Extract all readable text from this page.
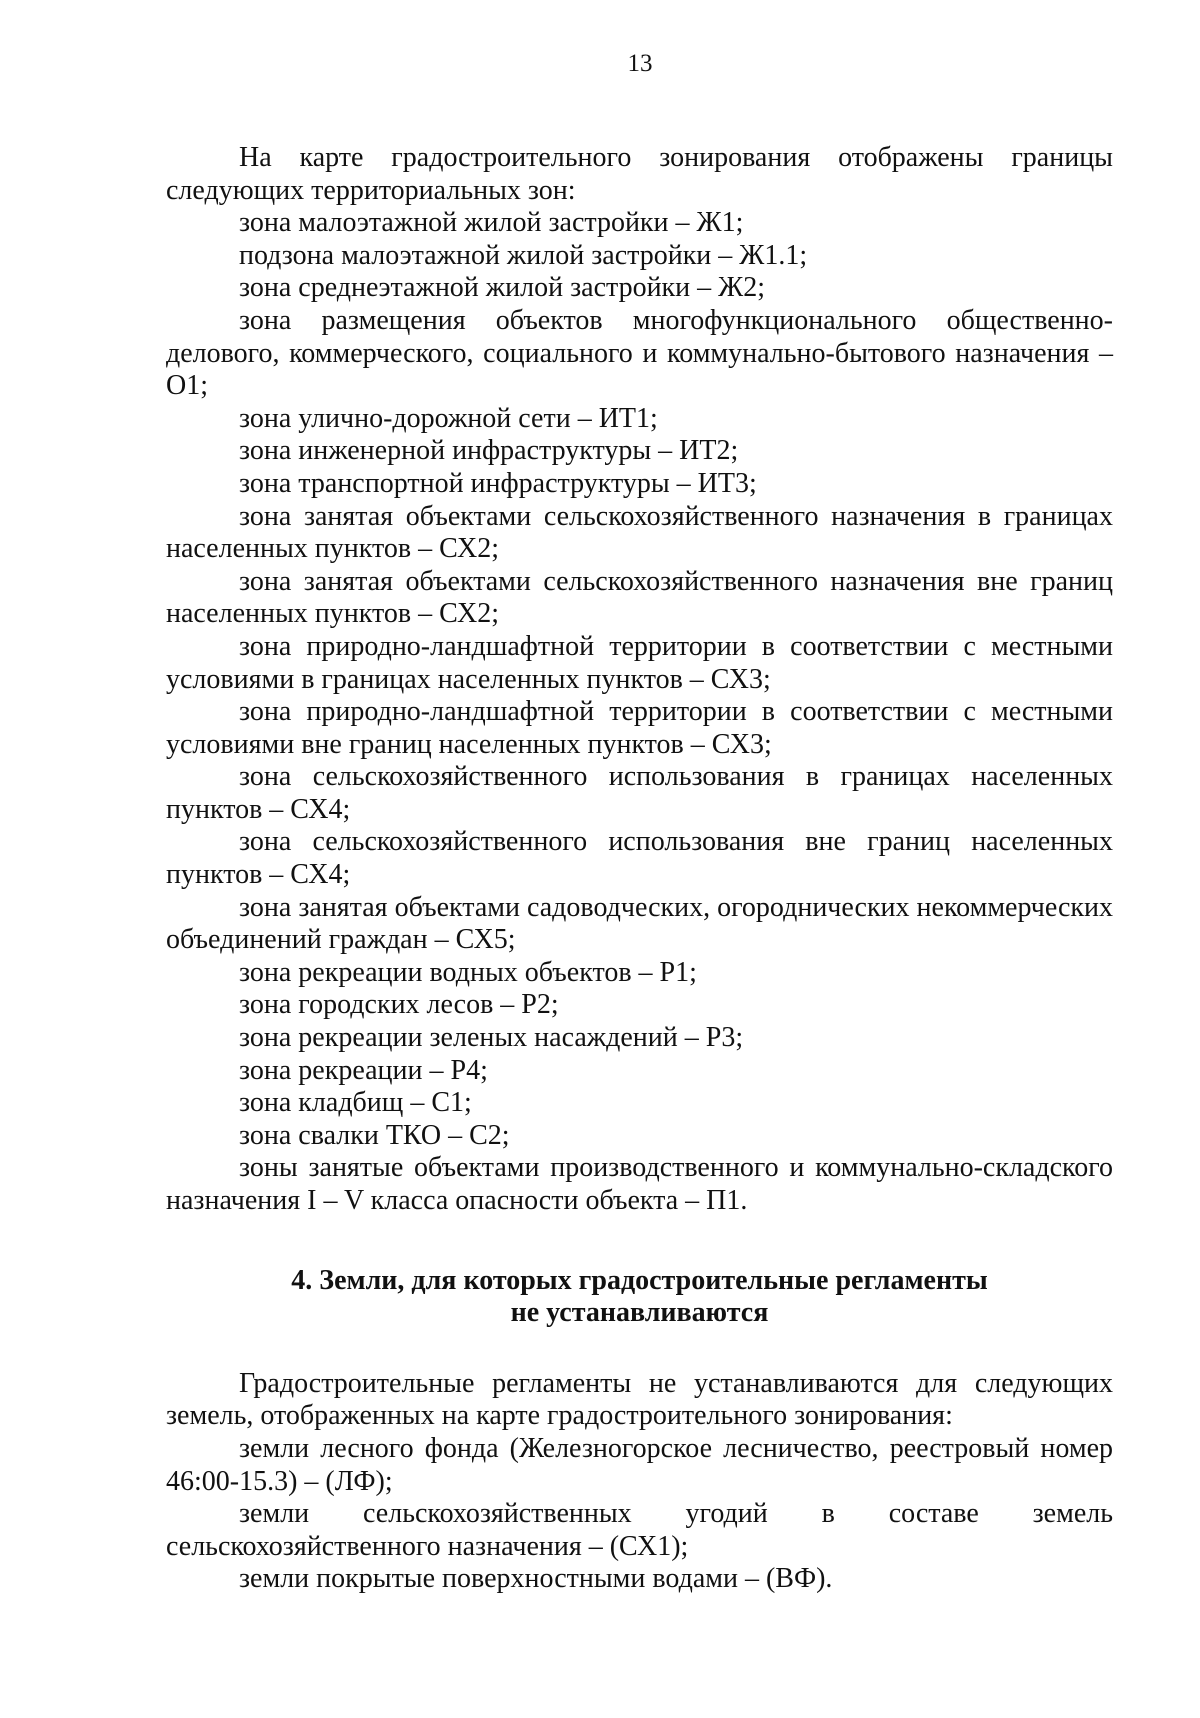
13

На карте градостроительного зонирования отображены границы следующих территориальных зон:

зона малоэтажной жилой застройки – Ж1;

подзона малоэтажной жилой застройки – Ж1.1;

зона среднеэтажной жилой застройки – Ж2;

зона размещения объектов многофункционального общественно-делового, коммерческого, социального и коммунально-бытового назначения – О1;

зона улично-дорожной сети – ИТ1;

зона инженерной инфраструктуры – ИТ2;

зона транспортной инфраструктуры – ИТ3;

зона занятая объектами сельскохозяйственного назначения в границах населенных пунктов – СХ2;

зона занятая объектами сельскохозяйственного назначения вне границ населенных пунктов – СХ2;

зона природно-ландшафтной территории в соответствии с местными условиями в границах населенных пунктов – СХ3;

зона природно-ландшафтной территории в соответствии с местными условиями вне границ населенных пунктов – СХ3;

зона сельскохозяйственного использования в границах населенных пунктов – СХ4;

зона сельскохозяйственного использования вне границ населенных пунктов – СХ4;

зона занятая объектами садоводческих, огороднических некоммерческих объединений граждан – СХ5;

зона рекреации водных объектов – Р1;

зона городских лесов – Р2;

зона рекреации зеленых насаждений – Р3;

зона рекреации – Р4;

зона кладбищ – С1;

зона свалки ТКО – С2;

зоны занятые объектами производственного и коммунально-складского назначения I – V класса опасности объекта – П1.

4. Земли, для которых градостроительные регламенты
не устанавливаются

Градостроительные регламенты не устанавливаются для следующих земель, отображенных на карте градостроительного зонирования:

земли лесного фонда (Железногорское лесничество, реестровый номер 46:00-15.3) – (ЛФ);

земли сельскохозяйственных угодий в составе земель сельскохозяйственного назначения – (СХ1);

земли покрытые поверхностными водами – (ВФ).
